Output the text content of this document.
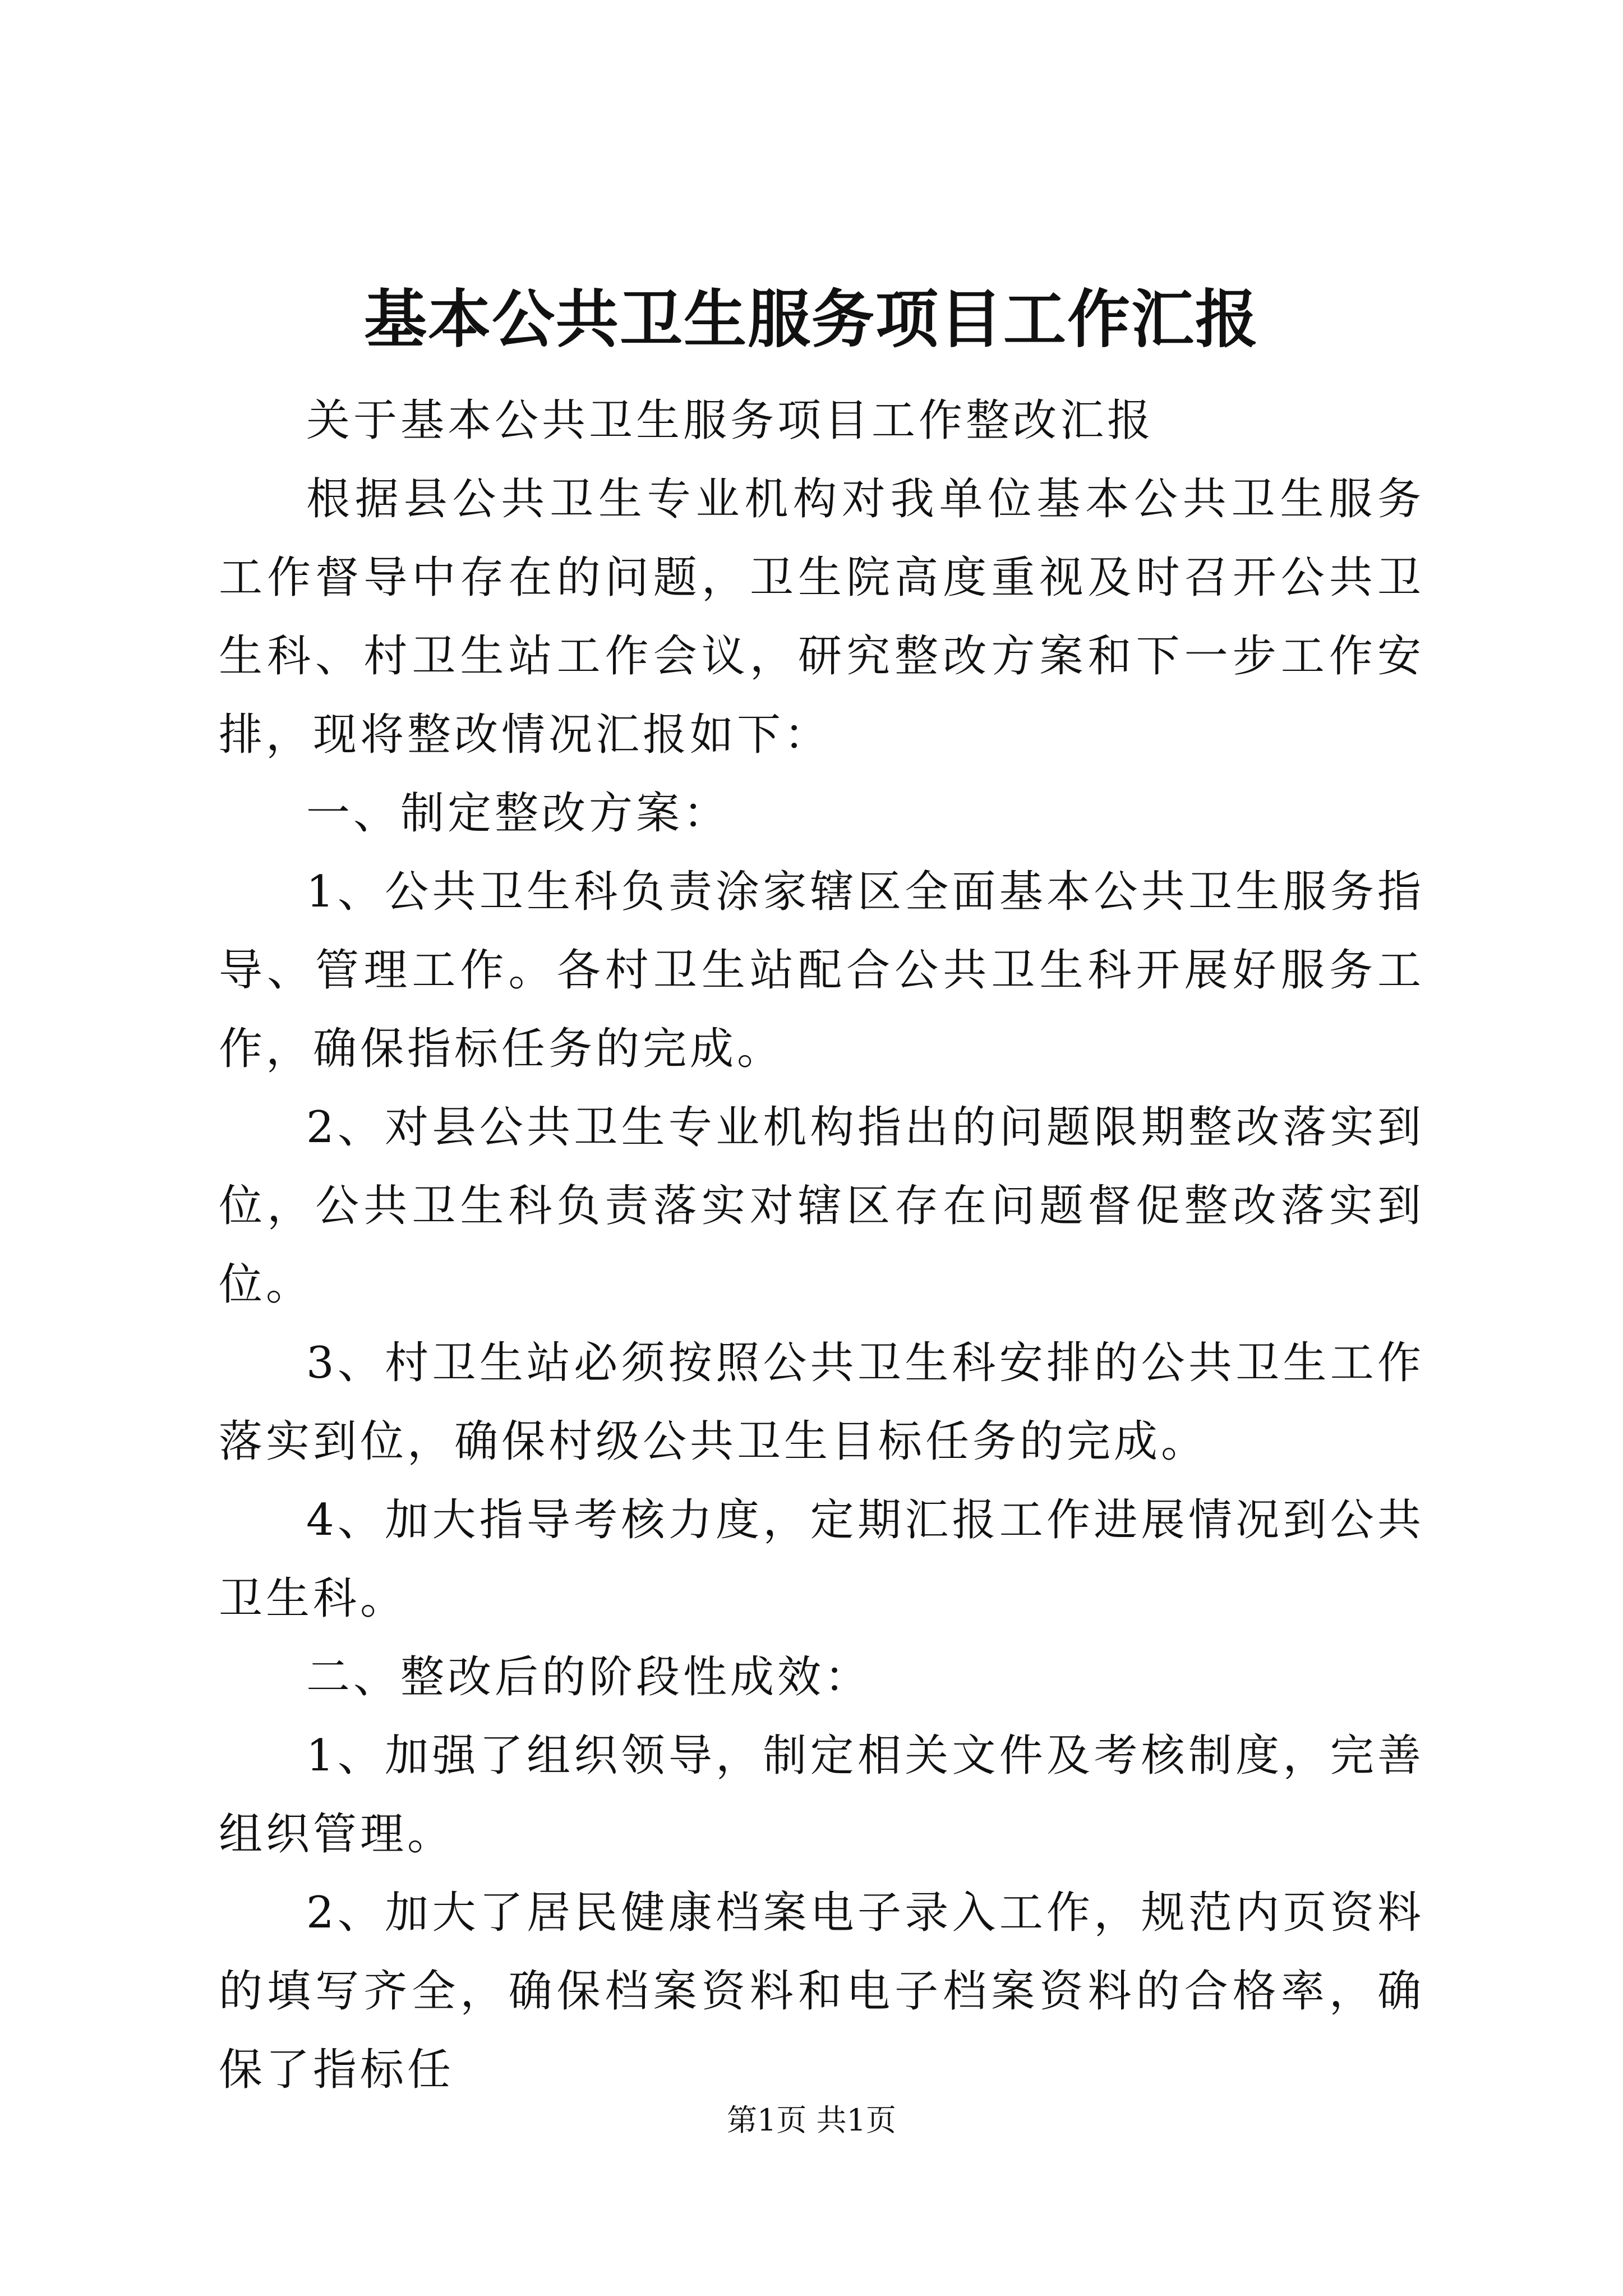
基本公共卫生服务项目工作汇报

关于基本公共卫生服务项目工作整改汇报

根据县公共卫生专业机构对我单位基本公共卫生服务工作督导中存在的问题，卫生院高度重视及时召开公共卫生科、村卫生站工作会议，研究整改方案和下一步工作安排，现将整改情况汇报如下：

一、制定整改方案：

1、公共卫生科负责涂家辖区全面基本公共卫生服务指导、管理工作。各村卫生站配合公共卫生科开展好服务工作，确保指标任务的完成。

2、对县公共卫生专业机构指出的问题限期整改落实到位，公共卫生科负责落实对辖区存在问题督促整改落实到位。

3、村卫生站必须按照公共卫生科安排的公共卫生工作落实到位，确保村级公共卫生目标任务的完成。

4、加大指导考核力度，定期汇报工作进展情况到公共卫生科。

二、整改后的阶段性成效：

1、加强了组织领导，制定相关文件及考核制度，完善组织管理。

2、加大了居民健康档案电子录入工作，规范内页资料的填写齐全，确保档案资料和电子档案资料的合格率，确保了指标任

第1页 共1页
